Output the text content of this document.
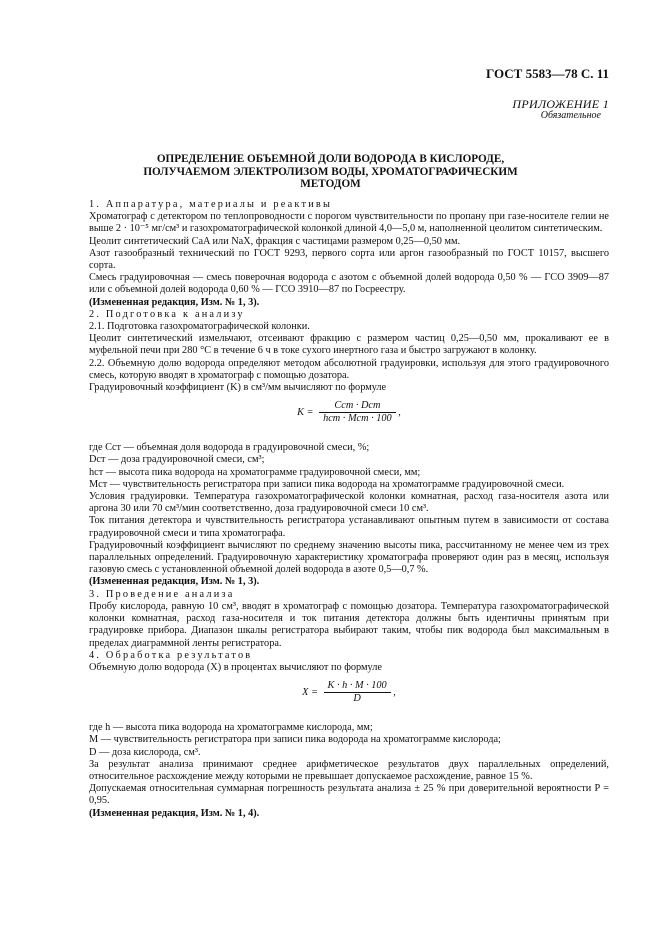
ГОСТ 5583—78 С. 11
ПРИЛОЖЕНИЕ 1
Обязательное
ОПРЕДЕЛЕНИЕ ОБЪЕМНОЙ ДОЛИ ВОДОРОДА В КИСЛОРОДЕ,
ПОЛУЧАЕМОМ ЭЛЕКТРОЛИЗОМ ВОДЫ, ХРОМАТОГРАФИЧЕСКИМ
МЕТОДОМ

1. Аппаратура, материалы и реактивы

Хроматограф с детектором по теплопроводности с порогом чувствительности по пропану при газе-носителе гелии не выше 2 · 10⁻⁵ мг/см³ и газохроматографической колонкой длиной 4,0—5,0 м, наполненной цеолитом синтетическим.

Цеолит синтетический CaA или NaX, фракция с частицами размером 0,25—0,50 мм.

Азот газообразный технический по ГОСТ 9293, первого сорта или аргон газообразный по ГОСТ 10157, высшего сорта.

Смесь градуировочная — смесь поверочная водорода с азотом с объемной долей водорода 0,50 % — ГСО 3909—87 или с объемной долей водорода 0,60 % — ГСО 3910—87 по Госреестру.

(Измененная редакция, Изм. № 1, 3).

2. Подготовка к анализу

2.1. Подготовка газохроматографической колонки.

Цеолит синтетический измельчают, отсеивают фракцию с размером частиц 0,25—0,50 мм, прокаливают ее в муфельной печи при 280 °С в течение 6 ч в токе сухого инертного газа и быстро загружают в колонку.

2.2. Объемную долю водорода определяют методом абсолютной градуировки, используя для этого градуировочного смесь, которую вводят в хроматограф с помощью дозатора.

Градуировочный коэффициент (K) в см³/мм вычисляют по формуле

$K = \frac{\text{Cст · Dст}}{\text{hст · Mст · 100}}$ ,

где Cст — объемная доля водорода в градуировочной смеси, %;

Dст — доза градуировочной смеси, см³;

hст — высота пика водорода на хроматограмме градуировочной смеси, мм;

Mст — чувствительность регистратора при записи пика водорода на хроматограмме градуировочной смеси.

Условия градуировки. Температура газохроматографической колонки комнатная, расход газа-носителя азота или аргона 30 или 70 см³/мин соответственно, доза градуировочной смеси 10 см³.

Ток питания детектора и чувствительность регистратора устанавливают опытным путем в зависимости от состава градуировочной смеси и типа хроматографа.

Градуировочный коэффициент вычисляют по среднему значению высоты пика, рассчитанному не менее чем из трех параллельных определений. Градуировочную характеристику хроматографа проверяют один раз в месяц, используя газовую смесь с установленной объемной долей водорода в азоте 0,5—0,7 %.

(Измененная редакция, Изм. № 1, 3).

3. Проведение анализа

Пробу кислорода, равную 10 см³, вводят в хроматограф с помощью дозатора. Температура газохроматографической колонки комнатная, расход газа-носителя и ток питания детектора должны быть идентичны принятым при градуировке прибора. Диапазон шкалы регистратора выбирают таким, чтобы пик водорода был максимальным в пределах диаграммной ленты регистратора.

4. Обработка результатов

Объемную долю водорода (X) в процентах вычисляют по формуле

$X = \frac{K \cdot h \cdot M \cdot 100}{D}$ ,

где h — высота пика водорода на хроматограмме кислорода, мм;

M — чувствительность регистратора при записи пика водорода на хроматограмме кислорода;

D — доза кислорода, см³.

За результат анализа принимают среднее арифметическое результатов двух параллельных определений, относительное расхождение между которыми не превышает допускаемое расхождение, равное 15 %.

Допускаемая относительная суммарная погрешность результата анализа ± 25 % при доверительной вероятности P = 0,95.

(Измененная редакция, Изм. № 1, 4).
